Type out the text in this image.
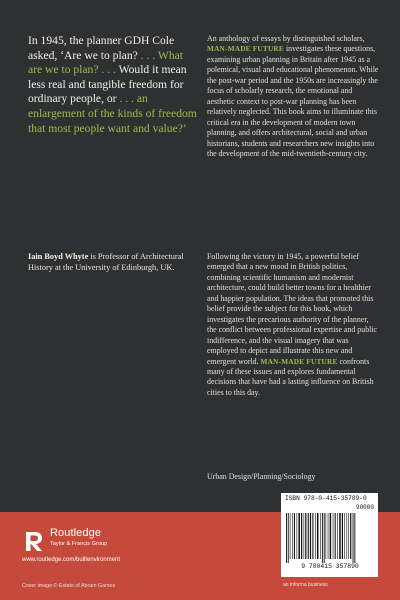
In 1945, the planner GDH Cole asked, ‘Are we to plan? . . . What are we to plan? . . . Would it mean less real and tangible freedom for ordinary people, or . . . an enlargement of the kinds of freedom that most people want and value?’
Iain Boyd Whyte is Professor of Architectural History at the University of Edinburgh, UK.
An anthology of essays by distinguished scholars, MAN-MADE FUTURE investigates these questions, examining urban planning in Britain after 1945 as a polemical, visual and educational phenomenon. While the post-war period and the 1950s are increasingly the focus of scholarly research, the emotional and aesthetic context to post-war planning has been relatively neglected. This book aims to illuminate this critical era in the development of modern town planning, and offers architectural, social and urban historians, students and researchers new insights into the development of the mid-twentieth-century city.
Following the victory in 1945, a powerful belief emerged that a new mood in British politics, combining scientific humanism and modernist architecture, could build better towns for a healthier and happier population. The ideas that promoted this belief provide the subject for this book, which investigates the precarious authority of the planner, the conflict between professional expertise and public indifference, and the visual imagery that was employed to depict and illustrate this new and emergent world. MAN-MADE FUTURE confronts many of these issues and explores fundamental decisions that have had a lasting influence on British cities to this day.
Urban Design/Planning/Sociology
Routledge
Taylor & Francis Group
www.routledge.com/builtenvironment
Cover image © Estate of Abram Games
ISBN 978-0-415-35789-0
90000
9 780415 357890
an informa business
